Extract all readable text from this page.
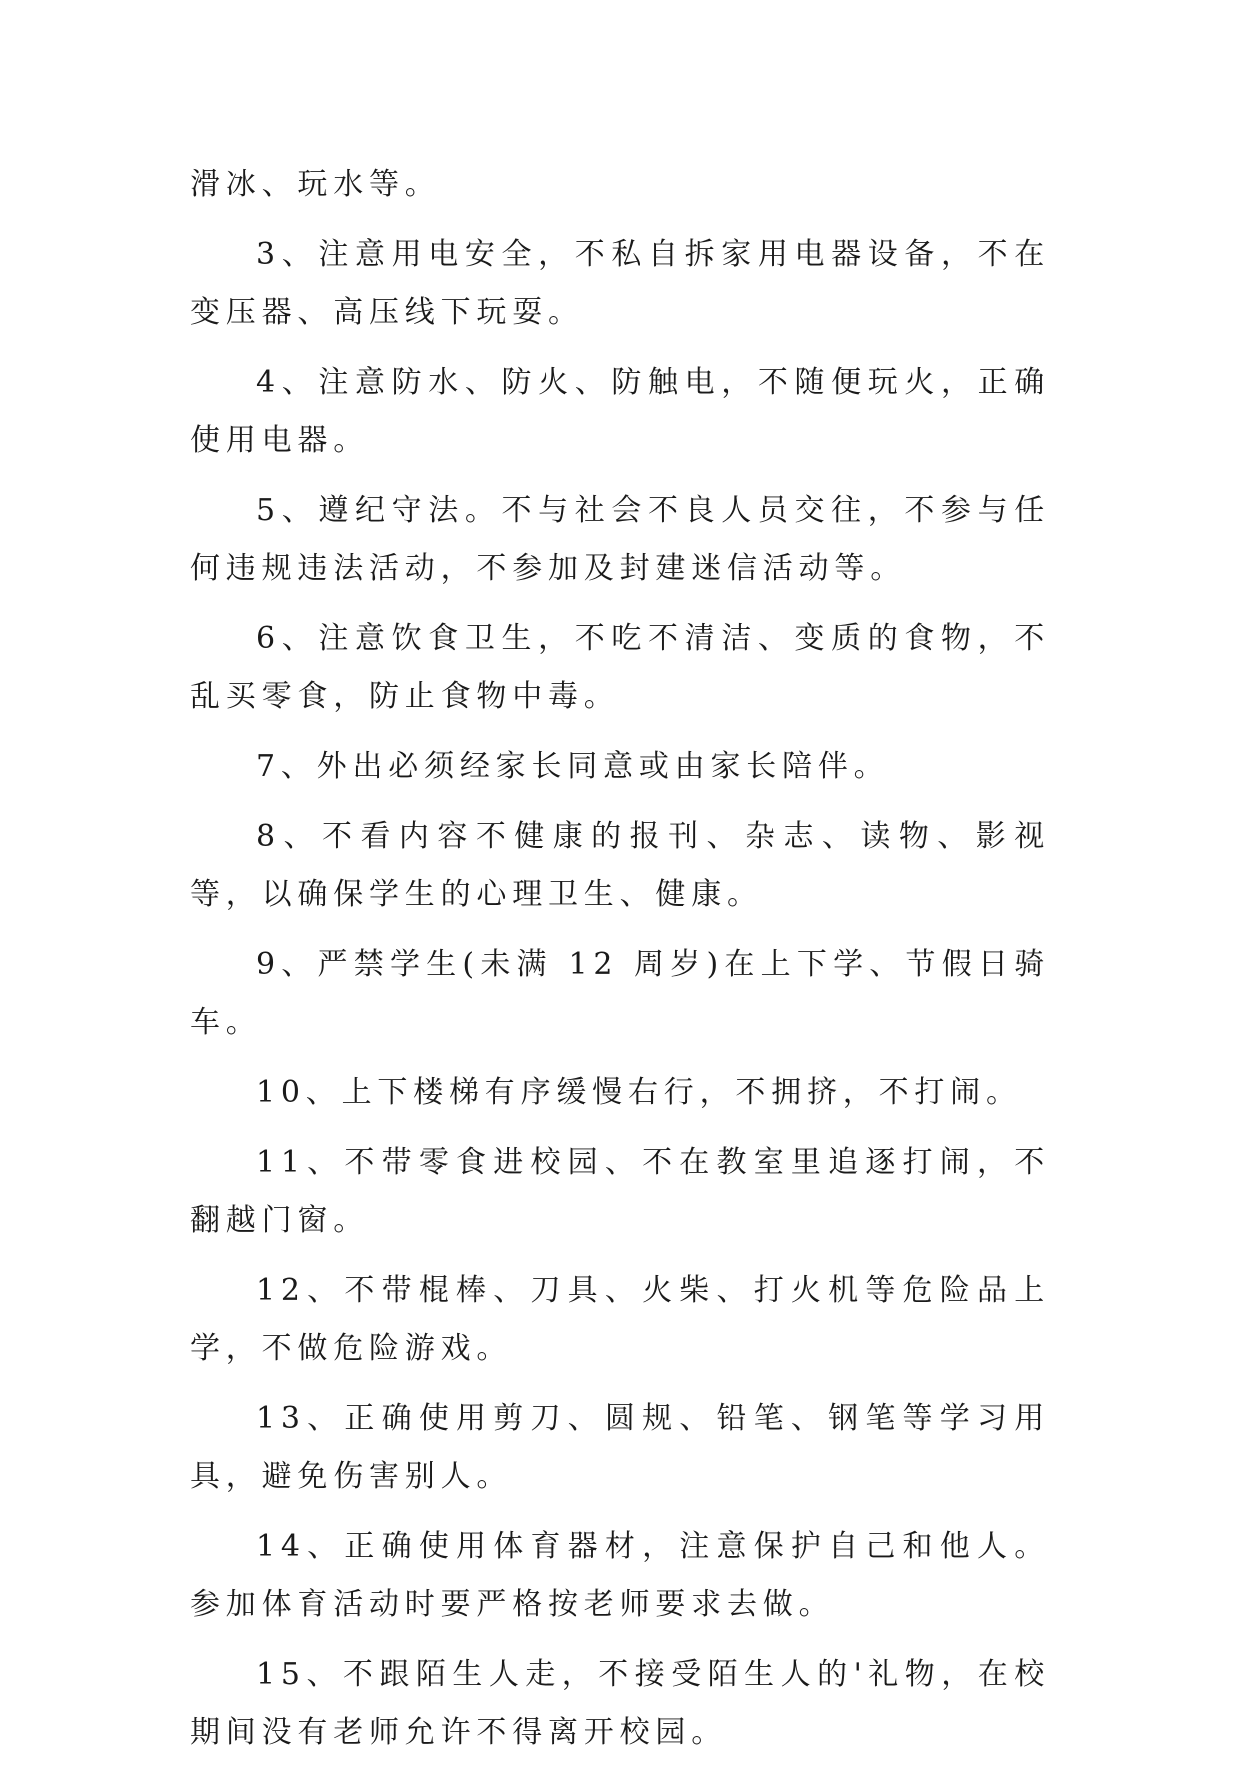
滑冰、玩水等。

3、注意用电安全，不私自拆家用电器设备，不在变压器、高压线下玩耍。

4、注意防水、防火、防触电，不随便玩火，正确使用电器。

5、遵纪守法。不与社会不良人员交往，不参与任何违规违法活动，不参加及封建迷信活动等。

6、注意饮食卫生，不吃不清洁、变质的食物，不乱买零食，防止食物中毒。

7、外出必须经家长同意或由家长陪伴。

8、不看内容不健康的报刊、杂志、读物、影视等，以确保学生的心理卫生、健康。

9、严禁学生(未满 12 周岁)在上下学、节假日骑车。

10、上下楼梯有序缓慢右行，不拥挤，不打闹。

11、不带零食进校园、不在教室里追逐打闹，不翻越门窗。

12、不带棍棒、刀具、火柴、打火机等危险品上学，不做危险游戏。

13、正确使用剪刀、圆规、铅笔、钢笔等学习用具，避免伤害别人。

14、正确使用体育器材，注意保护自己和他人。参加体育活动时要严格按老师要求去做。

15、不跟陌生人走，不接受陌生人的'礼物，在校期间没有老师允许不得离开校园。
